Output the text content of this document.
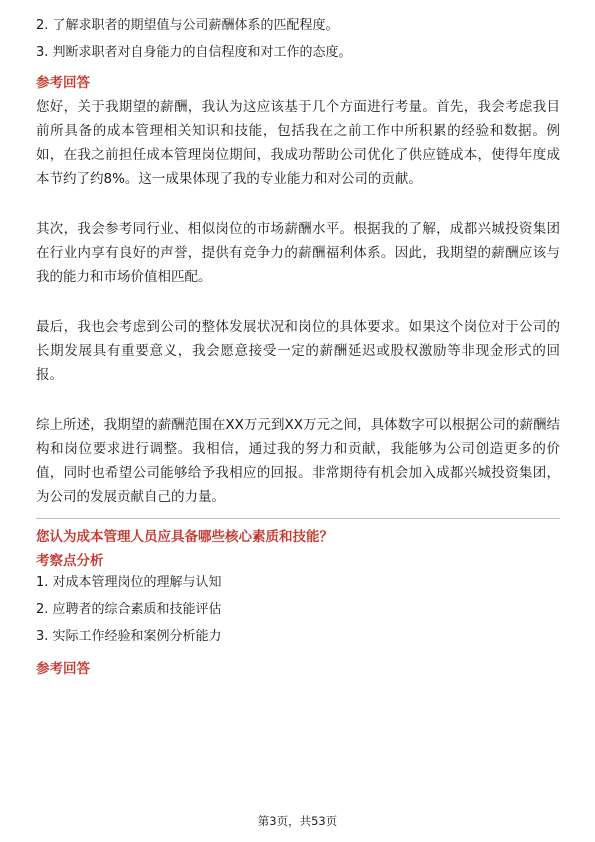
2. 了解求职者的期望值与公司薪酬体系的匹配程度。

3. 判断求职者对自身能力的自信程度和对工作的态度。

参考回答

您好，关于我期望的薪酬，我认为这应该基于几个方面进行考量。首先，我会考虑我目前所具备的成本管理相关知识和技能，包括我在之前工作中所积累的经验和数据。例如，在我之前担任成本管理岗位期间，我成功帮助公司优化了供应链成本，使得年度成本节约了约8%。这一成果体现了我的专业能力和对公司的贡献。

其次，我会参考同行业、相似岗位的市场薪酬水平。根据我的了解，成都兴城投资集团在行业内享有良好的声誉，提供有竞争力的薪酬福利体系。因此，我期望的薪酬应该与我的能力和市场价值相匹配。

最后，我也会考虑到公司的整体发展状况和岗位的具体要求。如果这个岗位对于公司的长期发展具有重要意义，我会愿意接受一定的薪酬延迟或股权激励等非现金形式的回报。

综上所述，我期望的薪酬范围在XX万元到XX万元之间，具体数字可以根据公司的薪酬结构和岗位要求进行调整。我相信，通过我的努力和贡献，我能够为公司创造更多的价值，同时也希望公司能够给予我相应的回报。非常期待有机会加入成都兴城投资集团，为公司的发展贡献自己的力量。

您认为成本管理人员应具备哪些核心素质和技能？
考察点分析

1. 对成本管理岗位的理解与认知

2. 应聘者的综合素质和技能评估

3. 实际工作经验和案例分析能力

参考回答
第3页，共53页
